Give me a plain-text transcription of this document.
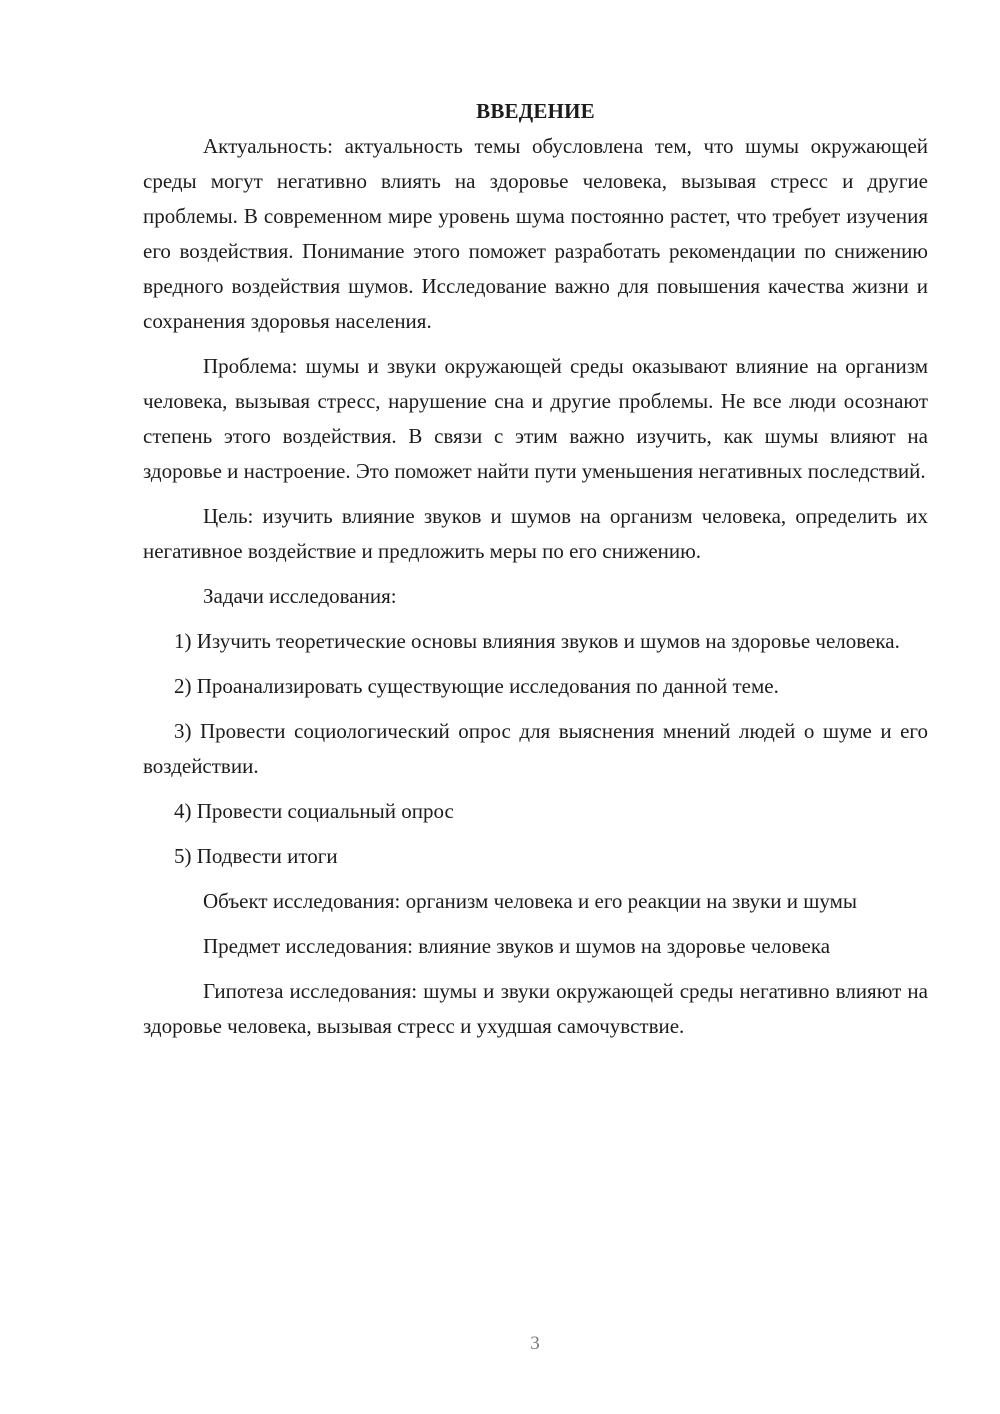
ВВЕДЕНИЕ

Актуальность: актуальность темы обусловлена тем, что шумы окружающей среды могут негативно влиять на здоровье человека, вызывая стресс и другие проблемы. В современном мире уровень шума постоянно растет, что требует изучения его воздействия. Понимание этого поможет разработать рекомендации по снижению вредного воздействия шумов. Исследование важно для повышения качества жизни и сохранения здоровья населения.

Проблема: шумы и звуки окружающей среды оказывают влияние на организм человека, вызывая стресс, нарушение сна и другие проблемы. Не все люди осознают степень этого воздействия. В связи с этим важно изучить, как шумы влияют на здоровье и настроение. Это поможет найти пути уменьшения негативных последствий.

Цель: изучить влияние звуков и шумов на организм человека, определить их негативное воздействие и предложить меры по его снижению.

Задачи исследования:

1) Изучить теоретические основы влияния звуков и шумов на здоровье человека.

2) Проанализировать существующие исследования по данной теме.

3) Провести социологический опрос для выяснения мнений людей о шуме и его воздействии.

4) Провести социальный опрос

5) Подвести итоги

Объект исследования: организм человека и его реакции на звуки и шумы

Предмет исследования: влияние звуков и шумов на здоровье человека

Гипотеза исследования: шумы и звуки окружающей среды негативно влияют на здоровье человека, вызывая стресс и ухудшая самочувствие.

3
